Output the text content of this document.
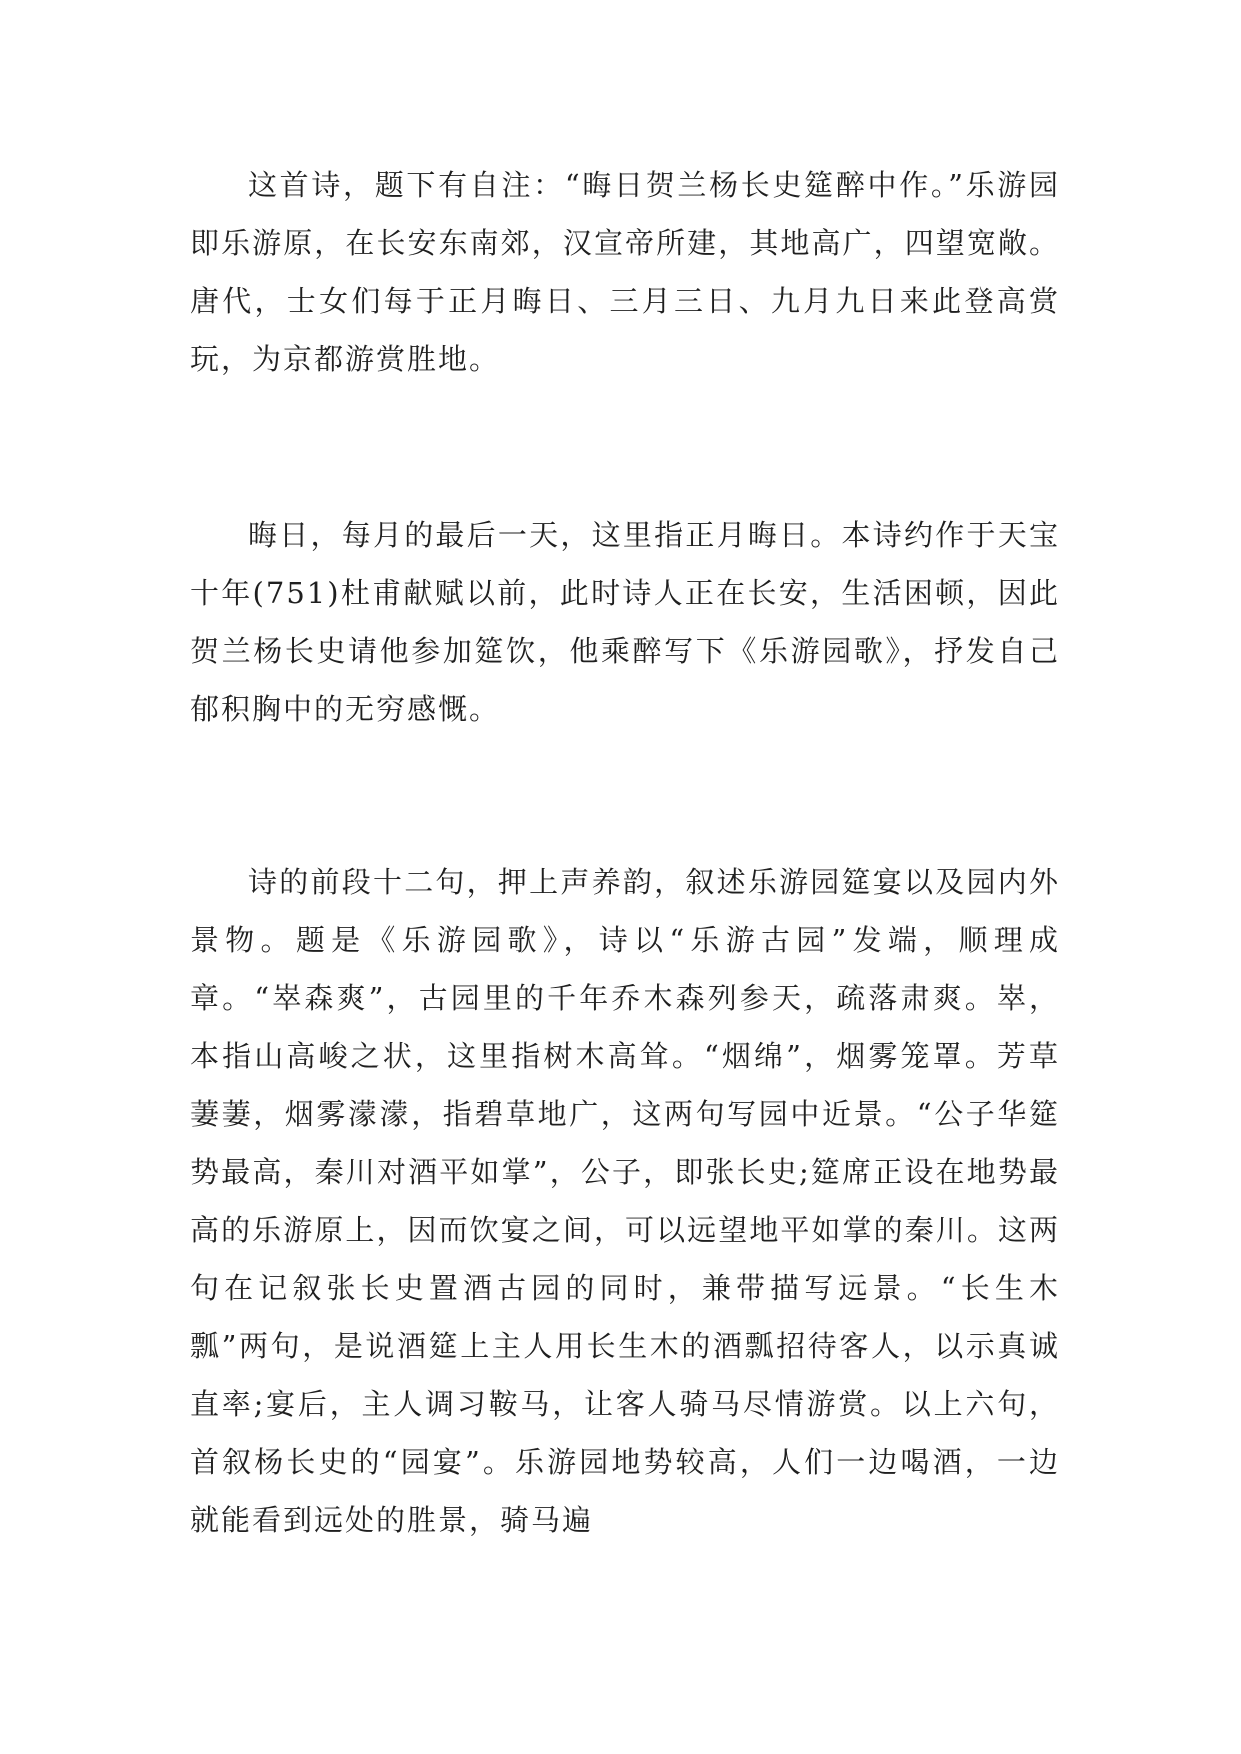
这首诗，题下有自注：“晦日贺兰杨长史筵醉中作。”乐游园即乐游原，在长安东南郊，汉宣帝所建，其地高广，四望宽敞。唐代，士女们每于正月晦日、三月三日、九月九日来此登高赏玩，为京都游赏胜地。

晦日，每月的最后一天，这里指正月晦日。本诗约作于天宝十年(751)杜甫献赋以前，此时诗人正在长安，生活困顿，因此贺兰杨长史请他参加筵饮，他乘醉写下《乐游园歌》，抒发自己郁积胸中的无穷感慨。

诗的前段十二句，押上声养韵，叙述乐游园筵宴以及园内外景物。题是《乐游园歌》，诗以“乐游古园”发端，顺理成章。“崒森爽”，古园里的千年乔木森列参天，疏落肃爽。崒，本指山高峻之状，这里指树木高耸。“烟绵”，烟雾笼罩。芳草萋萋，烟雾濛濛，指碧草地广，这两句写园中近景。“公子华筵势最高，秦川对酒平如掌”，公子，即张长史;筵席正设在地势最高的乐游原上，因而饮宴之间，可以远望地平如掌的秦川。这两句在记叙张长史置酒古园的同时，兼带描写远景。“长生木瓢”两句，是说酒筵上主人用长生木的酒瓢招待客人，以示真诚直率;宴后，主人调习鞍马，让客人骑马尽情游赏。以上六句，首叙杨长史的“园宴”。乐游园地势较高，人们一边喝酒，一边就能看到远处的胜景，骑马遍
